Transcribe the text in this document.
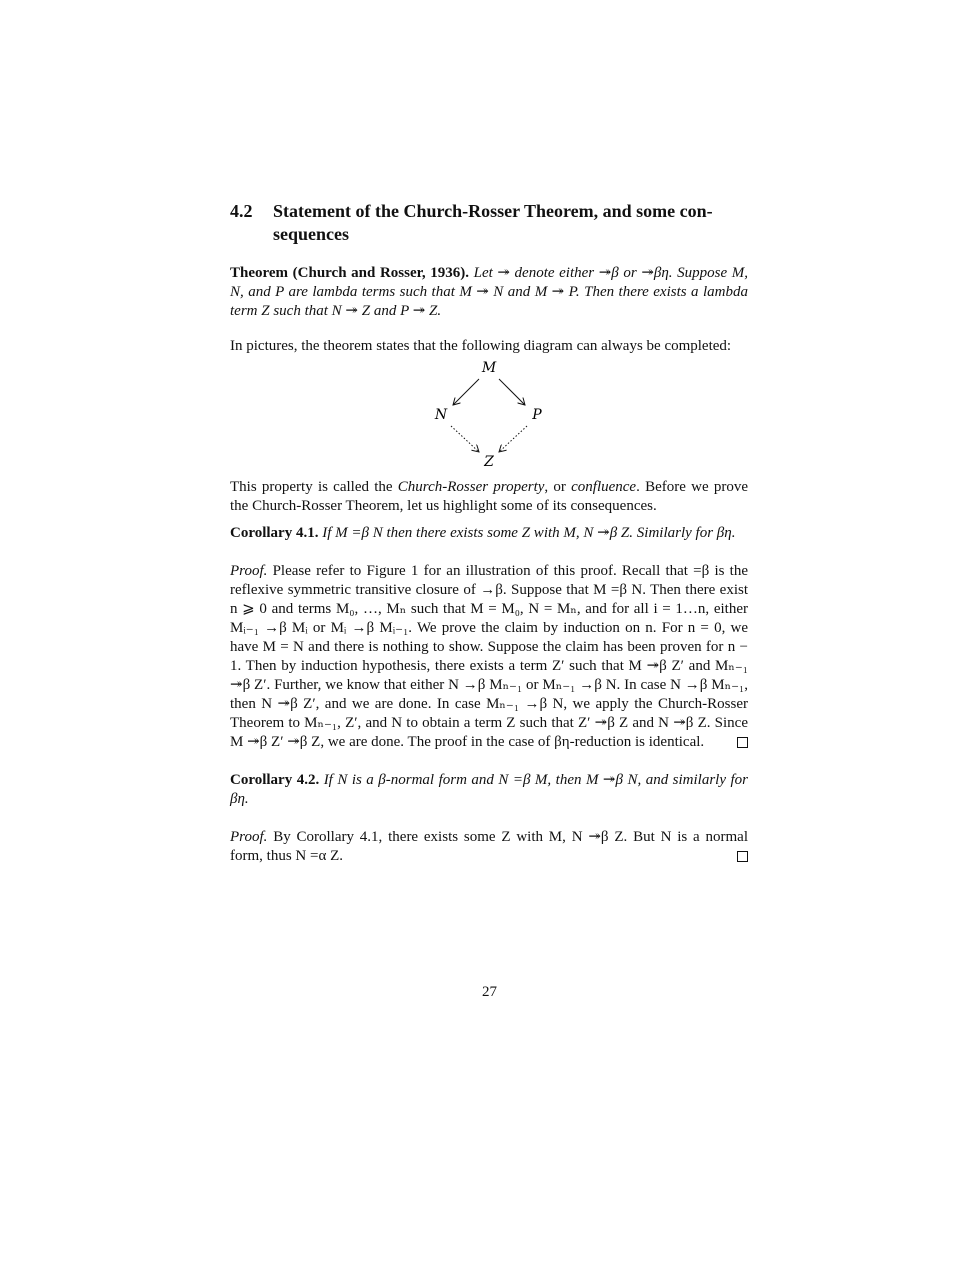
4.2	Statement of the Church-Rosser Theorem, and some con- sequences

Theorem (Church and Rosser, 1936). Let ↠ denote either ↠β or ↠βη. Suppose M, N, and P are lambda terms such that M ↠ N and M ↠ P. Then there exists a lambda term Z such that N ↠ Z and P ↠ Z.

In pictures, the theorem states that the following diagram can always be completed:

M
N	P
Z

This property is called the Church-Rosser property, or confluence. Before we prove the Church-Rosser Theorem, let us highlight some of its consequences.

Corollary 4.1. If M =β N then there exists some Z with M, N ↠β Z. Similarly for βη.

Proof. Please refer to Figure 1 for an illustration of this proof. Recall that =β is the reflexive symmetric transitive closure of →β. Suppose that M =β N. Then there exist n ⩾ 0 and terms M₀, …, Mₙ such that M = M₀, N = Mₙ, and for all i = 1…n, either Mᵢ₋₁ →β Mᵢ or Mᵢ →β Mᵢ₋₁. We prove the claim by induction on n. For n = 0, we have M = N and there is nothing to show. Suppose the claim has been proven for n − 1. Then by induction hypothesis, there exists a term Z′ such that M ↠β Z′ and Mₙ₋₁ ↠β Z′. Further, we know that either N →β Mₙ₋₁ or Mₙ₋₁ →β N. In case N →β Mₙ₋₁, then N ↠β Z′, and we are done. In case Mₙ₋₁ →β N, we apply the Church-Rosser Theorem to Mₙ₋₁, Z′, and N to obtain a term Z such that Z′ ↠β Z and N ↠β Z. Since M ↠β Z′ ↠β Z, we are done. The proof in the case of βη-reduction is identical.

Corollary 4.2. If N is a β-normal form and N =β M, then M ↠β N, and similarly for βη.

Proof. By Corollary 4.1, there exists some Z with M, N ↠β Z. But N is a normal form, thus N =α Z.

27
